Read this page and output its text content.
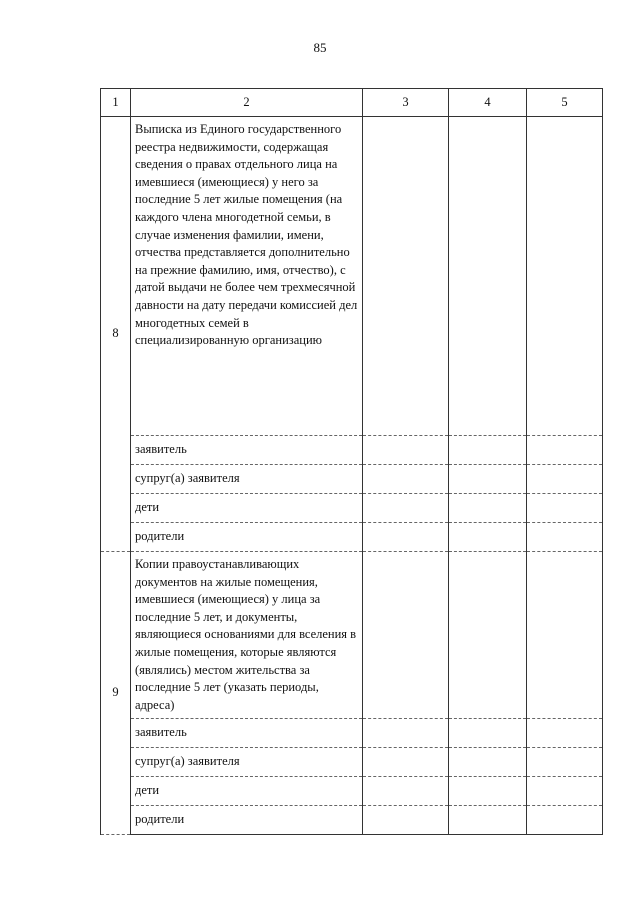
85
1	2	3	4	5
8	Выписка из Единого государственного реестра недвижимости, содержащая сведения о правах отдельного лица на имевшиеся (имеющиеся) у него за последние 5 лет жилые помещения (на каждого члена многодетной семьи, в случае изменения фамилии, имени, отчества представляется дополнительно на прежние фамилию, имя, отчество), с датой выдачи не более чем трехмесячной давности на дату передачи комиссией дел многодетных семей в специализированную организацию			
	заявитель			
	супруг(а) заявителя			
	дети			
	родители			
9	Копии правоустанавливающих документов на жилые помещения, имевшиеся (имеющиеся) у лица за последние 5 лет, и документы, являющиеся основаниями для вселения в жилые помещения, которые являются (являлись) местом жительства за последние 5 лет (указать периоды, адреса)			
	заявитель			
	супруг(а) заявителя			
	дети			
	родители			
